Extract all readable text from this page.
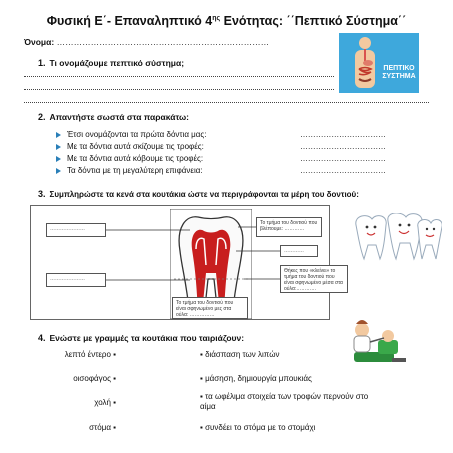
Φυσική Ε΄- Επαναληπτικό $4^{\eta\varsigma}$ Ενότητας: ΄΄Πεπτικό Σύστημα΄΄
Όνομα: …………………………………………………………………
ΠΕΠΤΙΚΟ ΣΥΣΤΗΜΑ
1. Τι ονομάζουμε πεπτικό σύστημα;
2. Απαντήστε σωστά στα παρακάτω:
Έτσι ονομάζονται τα πρώτα δόντια μας:	……………………………
Με τα δόντια αυτά σκίζουμε τις τροφές:	……………………………
Με τα δόντια αυτά κόβουμε τις τροφές:	……………………………
Τα δόντια με τη μεγαλύτερη επιφάνεια:	……………………………
3. Συμπληρώστε τα κενά στα κουτάκια ώστε να περιγράφονται τα μέρη του δοντιού:
…………………
…………………
Το τμήμα του δοντιού που βλέπουμε: …………
…………
Θήκες που «κλείνει» το τμήμα του δοντιού που είναι σφηνωμένο μέσα στα ούλα:…………
Το τμήμα του δοντιού που είναι σφηνωμένο μες στα ούλα: ……………
4. Ενώστε με γραμμές τα κουτάκια που ταιριάζουν:
λεπτό έντερο ▪
οισοφάγος ▪
χολή ▪
στόμα ▪
▪ διάσπαση των λιπών
▪ μάσηση, δημιουργία μπουκιάς
▪ τα ωφέλιμα στοιχεία των τροφών περνούν στο αίμα
▪ συνδέει το στόμα με το στομάχι
